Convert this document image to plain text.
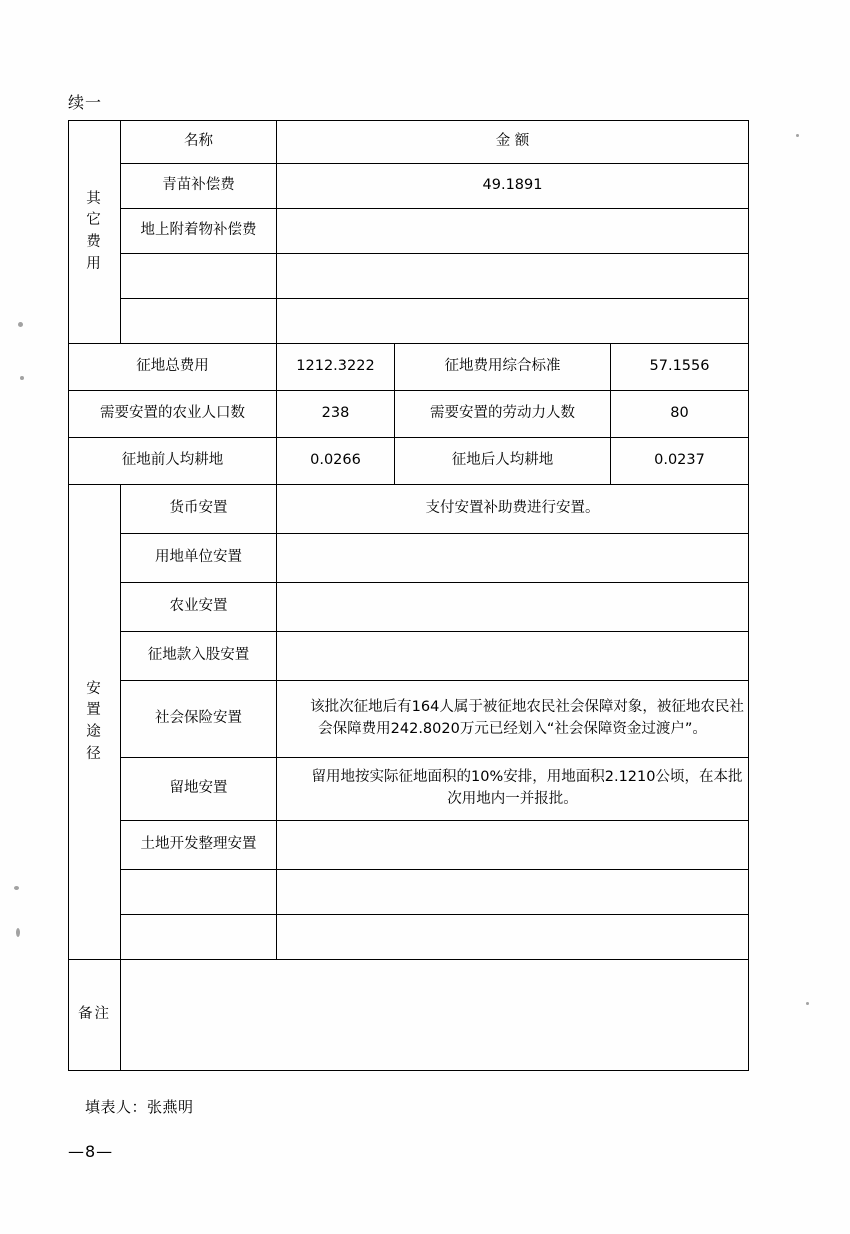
续一
其
它
费
用	名称	金 额		
	青苗补偿费	49.1891		
	地上附着物补偿费			

征地总费用		1212.3222	征地费用综合标准	57.1556
需要安置的农业人口数		238	需要安置的劳动力人数	80
征地前人均耕地		0.0266	征地后人均耕地	0.0237

安
置
途
径	货币安置	支付安置补助费进行安置。		
	用地单位安置			
	农业安置			
	征地款入股安置			
	社会保险安置	该批次征地后有164人属于被征地农民社会保障对象，被征地农民社会保障费用242.8020万元已经划入“社会保障资金过渡户”。		
	留地安置	留用地按实际征地面积的10%安排，用地面积2.1210公顷，在本批次用地内一并报批。		
	土地开发整理安置			

备注				
填表人：张燕明
—8—
